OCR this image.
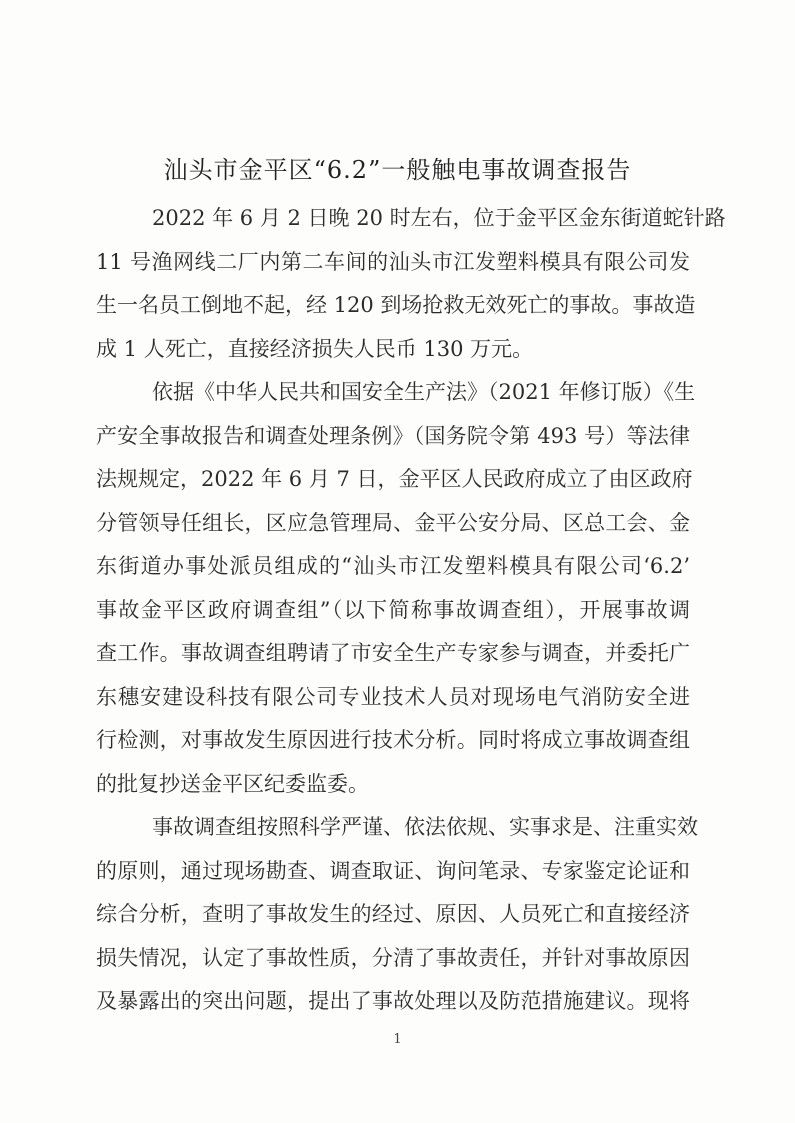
汕头市金平区“6.2”一般触电事故调查报告
2022 年 6 月 2 日晚 20 时左右，位于金平区金东街道蛇针路
11 号渔网线二厂内第二车间的汕头市江发塑料模具有限公司发
生一名员工倒地不起，经 120 到场抢救无效死亡的事故。事故造
成 1 人死亡，直接经济损失人民币 130 万元。
依据《中华人民共和国安全生产法》（2021 年修订版）《生
产安全事故报告和调查处理条例》（国务院令第 493 号）等法律
法规规定，2022 年 6 月 7 日，金平区人民政府成立了由区政府
分管领导任组长，区应急管理局、金平公安分局、区总工会、金
东街道办事处派员组成的“汕头市江发塑料模具有限公司‘6.2’
事故金平区政府调查组”（以下简称事故调查组），开展事故调
查工作。事故调查组聘请了市安全生产专家参与调查，并委托广
东穗安建设科技有限公司专业技术人员对现场电气消防安全进
行检测，对事故发生原因进行技术分析。同时将成立事故调查组
的批复抄送金平区纪委监委。
事故调查组按照科学严谨、依法依规、实事求是、注重实效
的原则，通过现场勘查、调查取证、询问笔录、专家鉴定论证和
综合分析，查明了事故发生的经过、原因、人员死亡和直接经济
损失情况，认定了事故性质，分清了事故责任，并针对事故原因
及暴露出的突出问题，提出了事故处理以及防范措施建议。现将
1
